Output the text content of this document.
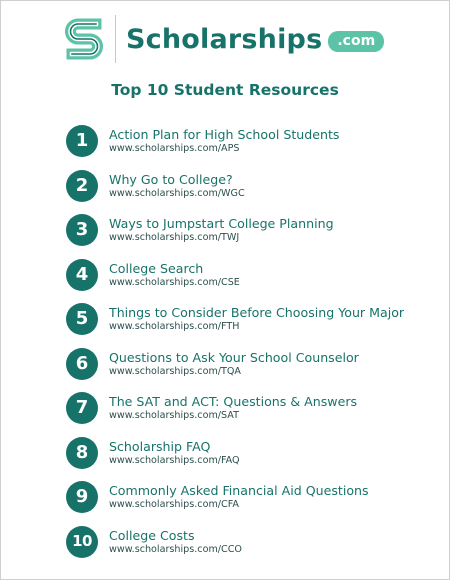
Scholarships	.com
Top 10 Student Resources
1	Action Plan for High School Students
www.scholarships.com/APS
2	Why Go to College?
www.scholarships.com/WGC
3	Ways to Jumpstart College Planning
www.scholarships.com/TWJ
4	College Search
www.scholarships.com/CSE
5	Things to Consider Before Choosing Your Major
www.scholarships.com/FTH
6	Questions to Ask Your School Counselor
www.scholarships.com/TQA
7	The SAT and ACT: Questions & Answers
www.scholarships.com/SAT
8	Scholarship FAQ
www.scholarships.com/FAQ
9	Commonly Asked Financial Aid Questions
www.scholarships.com/CFA
10	College Costs
www.scholarships.com/CCO
